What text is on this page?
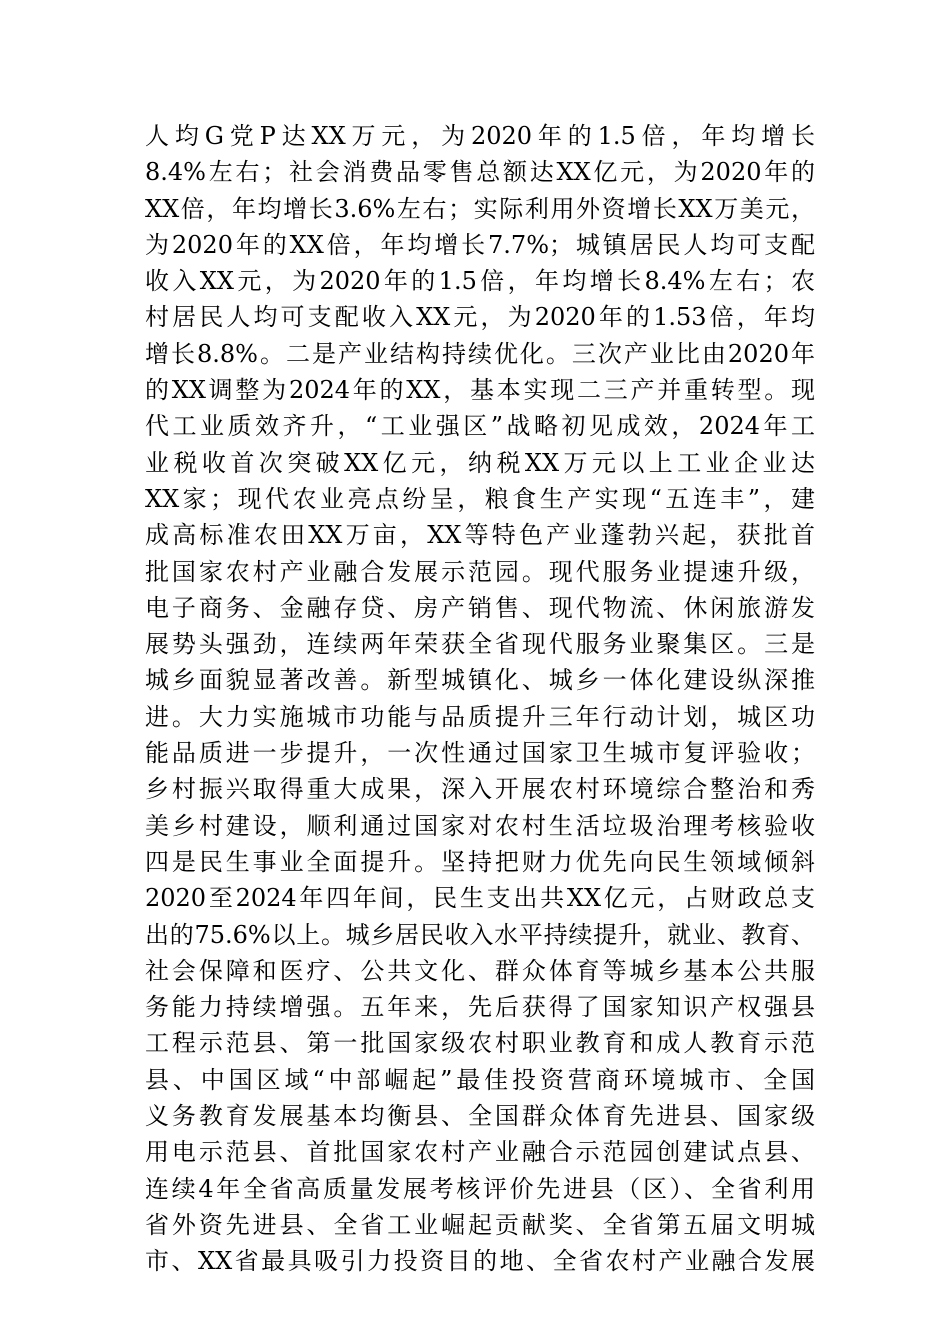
人均G党P达XX万元，为2020年的1.5倍，年均增长
8.4%左右；社会消费品零售总额达XX亿元，为2020年的
XX倍，年均增长3.6%左右；实际利用外资增长XX万美元，
为2020年的XX倍，年均增长7.7%；城镇居民人均可支配
收入XX元，为2020年的1.5倍，年均增长8.4%左右；农
村居民人均可支配收入XX元，为2020年的1.53倍，年均
增长8.8%。二是产业结构持续优化。三次产业比由2020年
的XX调整为2024年的XX，基本实现二三产并重转型。现
代工业质效齐升，“工业强区”战略初见成效，2024年工
业税收首次突破XX亿元，纳税XX万元以上工业企业达
XX家；现代农业亮点纷呈，粮食生产实现“五连丰”，建
成高标准农田XX万亩，XX等特色产业蓬勃兴起，获批首
批国家农村产业融合发展示范园。现代服务业提速升级，
电子商务、金融存贷、房产销售、现代物流、休闲旅游发
展势头强劲，连续两年荣获全省现代服务业聚集区。三是
城乡面貌显著改善。新型城镇化、城乡一体化建设纵深推
进。大力实施城市功能与品质提升三年行动计划，城区功
能品质进一步提升，一次性通过国家卫生城市复评验收；
乡村振兴取得重大成果，深入开展农村环境综合整治和秀
美乡村建设，顺利通过国家对农村生活垃圾治理考核验收
四是民生事业全面提升。坚持把财力优先向民生领域倾斜
2020至2024年四年间，民生支出共XX亿元，占财政总支
出的75.6%以上。城乡居民收入水平持续提升，就业、教育、
社会保障和医疗、公共文化、群众体育等城乡基本公共服
务能力持续增强。五年来，先后获得了国家知识产权强县
工程示范县、第一批国家级农村职业教育和成人教育示范
县、中国区域“中部崛起”最佳投资营商环境城市、全国
义务教育发展基本均衡县、全国群众体育先进县、国家级
用电示范县、首批国家农村产业融合示范园创建试点县、
连续4年全省高质量发展考核评价先进县（区）、全省利用
省外资先进县、全省工业崛起贡献奖、全省第五届文明城
市、XX省最具吸引力投资目的地、全省农村产业融合发展
